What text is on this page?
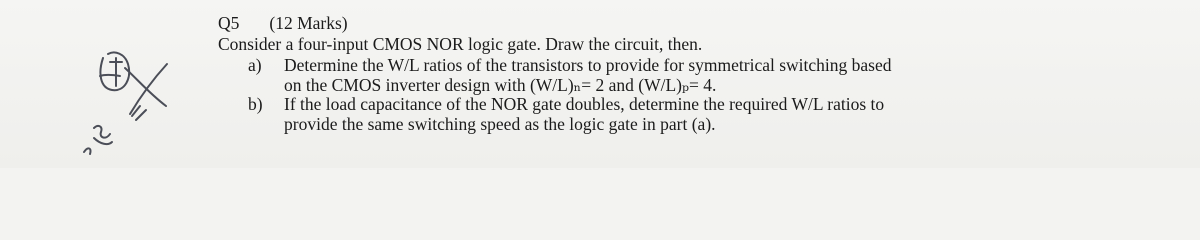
Q5 (12 Marks)
Consider a four-input CMOS NOR logic gate. Draw the circuit, then.
a)	Determine the W/L ratios of the transistors to provide for symmetrical switching based
on the CMOS inverter design with (W/L)ₙ= 2 and (W/L)ₚ= 4.
b)	If the load capacitance of the NOR gate doubles, determine the required W/L ratios to
provide the same switching speed as the logic gate in part (a).
